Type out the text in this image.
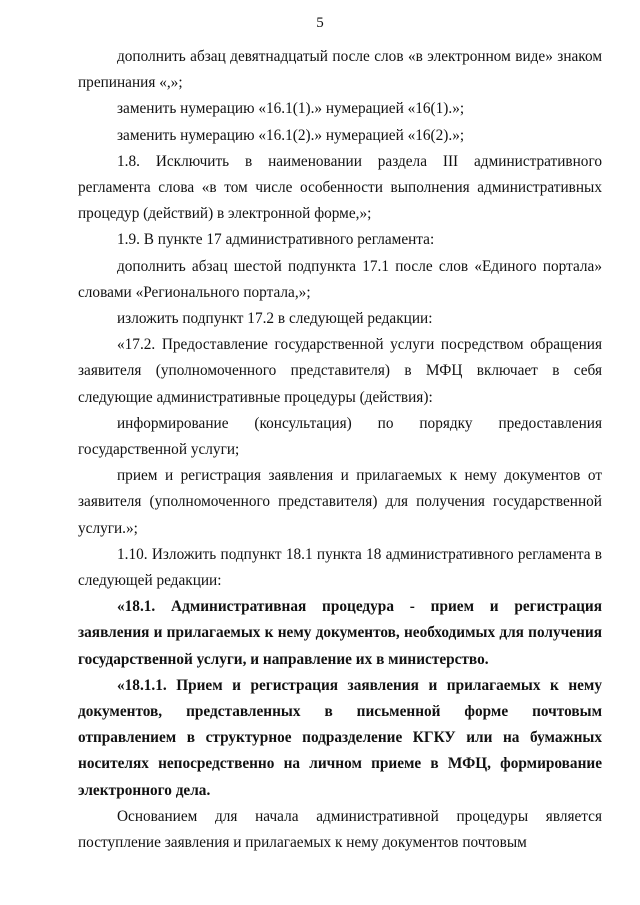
5

дополнить абзац девятнадцатый после слов «в электронном виде» знаком препинания «,»;

заменить нумерацию «16.1(1).» нумерацией «16(1).»;

заменить нумерацию «16.1(2).» нумерацией «16(2).»;

1.8. Исключить в наименовании раздела III административного регламента слова «в том числе особенности выполнения административных процедур (действий) в электронной форме,»;

1.9. В пункте 17 административного регламента:

дополнить абзац шестой подпункта 17.1 после слов «Единого портала» словами «Регионального портала,»;

изложить подпункт 17.2 в следующей редакции:

«17.2. Предоставление государственной услуги посредством обращения заявителя (уполномоченного представителя) в МФЦ включает в себя следующие административные процедуры (действия):

информирование (консультация) по порядку предоставления государственной услуги;

прием и регистрация заявления и прилагаемых к нему документов от заявителя (уполномоченного представителя) для получения государственной услуги.»;

1.10. Изложить подпункт 18.1 пункта 18 административного регламента в следующей редакции:

«18.1. Административная процедура - прием и регистрация заявления и прилагаемых к нему документов, необходимых для получения государственной услуги, и направление их в министерство.

«18.1.1. Прием и регистрация заявления и прилагаемых к нему документов, представленных в письменной форме почтовым отправлением в структурное подразделение КГКУ или на бумажных носителях непосредственно на личном приеме в МФЦ, формирование электронного дела.

Основанием для начала административной процедуры является поступление заявления и прилагаемых к нему документов почтовым
